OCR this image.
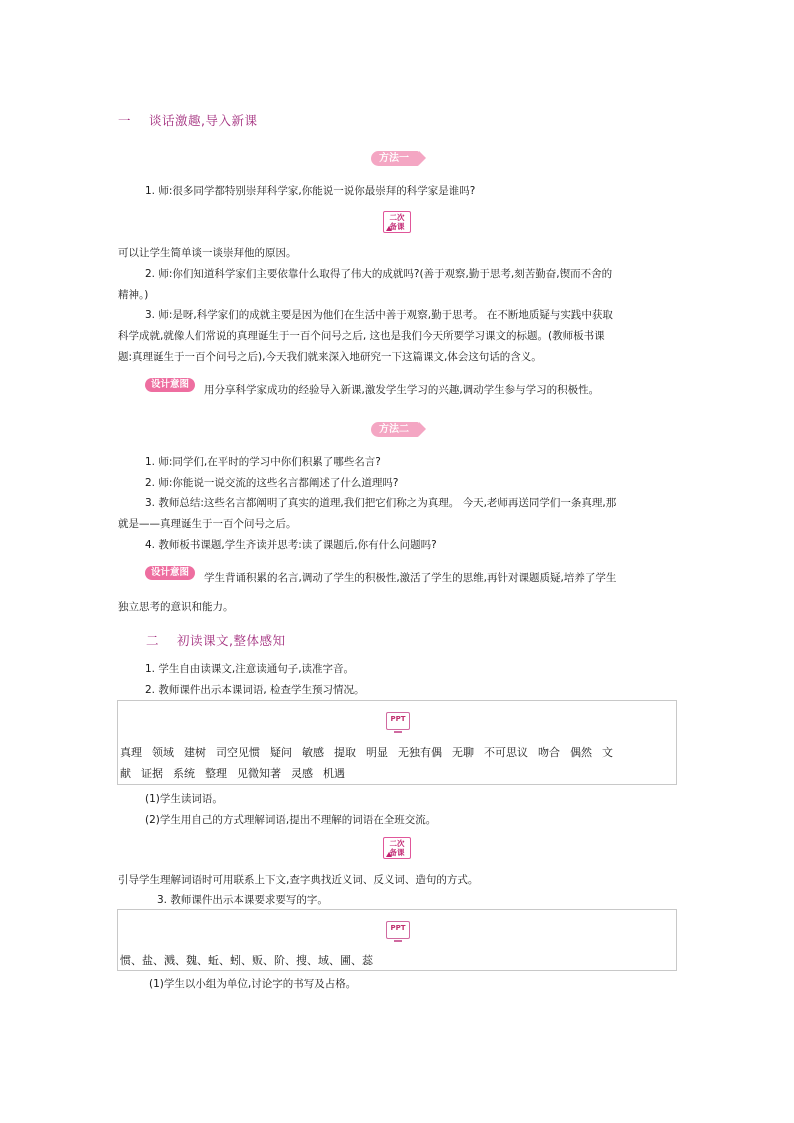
一 谈话激趣,导入新课
方法一
1. 师:很多同学都特别崇拜科学家,你能说一说你最崇拜的科学家是谁吗?
二次
备课
可以让学生简单谈一谈崇拜他的原因。
2. 师:你们知道科学家们主要依靠什么取得了伟大的成就吗?(善于观察,勤于思考,刻苦勤奋,锲而不舍的
精神。)
3. 师:是呀,科学家们的成就主要是因为他们在生活中善于观察,勤于思考。 在不断地质疑与实践中获取
科学成就,就像人们常说的真理诞生于一百个问号之后, 这也是我们今天所要学习课文的标题。(教师板书课
题:真理诞生于一百个问号之后),今天我们就来深入地研究一下这篇课文,体会这句话的含义。
设计意图	用分享科学家成功的经验导入新课,激发学生学习的兴趣,调动学生参与学习的积极性。
方法二
1. 师:同学们,在平时的学习中你们积累了哪些名言?
2. 师:你能说一说交流的这些名言都阐述了什么道理吗?
3. 教师总结:这些名言都阐明了真实的道理,我们把它们称之为真理。 今天,老师再送同学们一条真理,那
就是——真理诞生于一百个问号之后。
4. 教师板书课题,学生齐读并思考:读了课题后,你有什么问题吗?
设计意图	学生背诵积累的名言,调动了学生的积极性,激活了学生的思维,再针对课题质疑,培养了学生
独立思考的意识和能力。
二 初读课文,整体感知
1. 学生自由读课文,注意读通句子,读准字音。
2. 教师课件出示本课词语, 检查学生预习情况。
PPT
真理 领域 建树 司空见惯 疑问 敏感 提取 明显 无独有偶 无聊 不可思议 吻合 偶然 文
献 证据 系统 整理 见微知著 灵感 机遇
(1)学生读词语。
(2)学生用自己的方式理解词语,提出不理解的词语在全班交流。
二次
备课
引导学生理解词语时可用联系上下文,查字典找近义词、反义词、造句的方式。
3. 教师课件出示本课要求要写的字。
PPT
惯、盐、溅、魏、蚯、蚓、贩、阶、搜、域、圃、蕊
(1)学生以小组为单位,讨论字的书写及占格。
